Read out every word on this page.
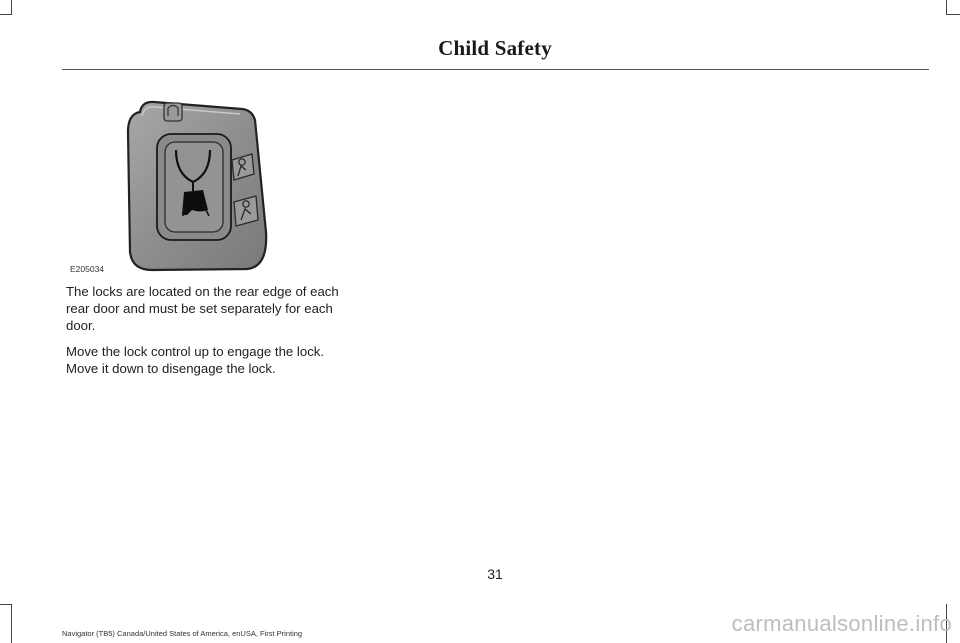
Child Safety
E205034

The locks are located on the rear edge of each rear door and must be set separately for each door.

Move the lock control up to engage the lock. Move it down to disengage the lock.

31
Navigator (TB5) Canada/United States of America, enUSA, First Printing	carmanualsonline.info
